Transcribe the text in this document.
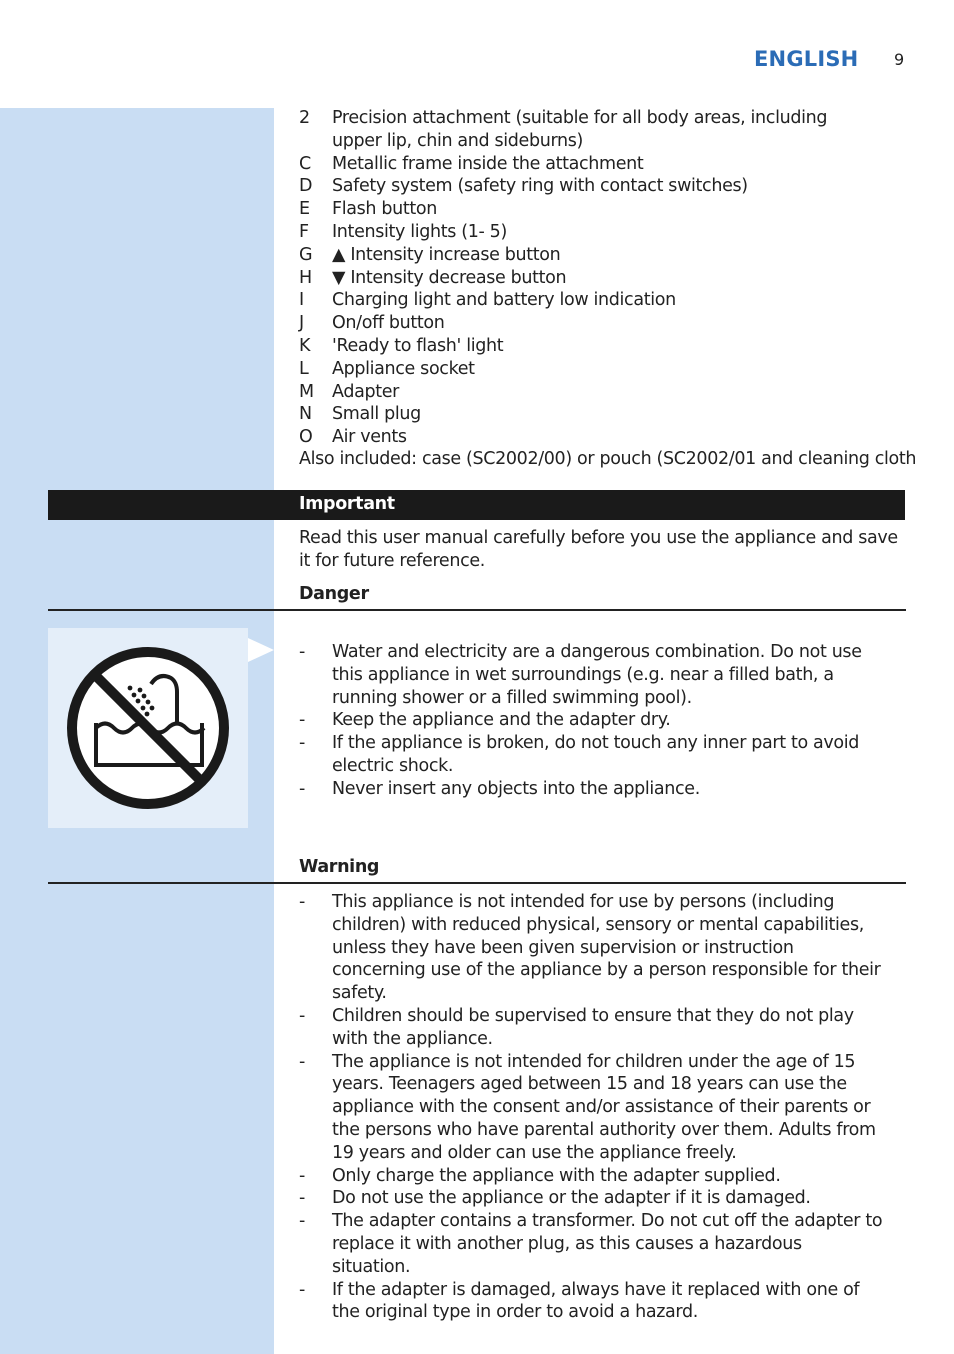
ENGLISH 9
2 Precision attachment (suitable for all body areas, including upper lip, chin and sideburns)
C Metallic frame inside the attachment
D Safety system (safety ring with contact switches)
E Flash button
F Intensity lights (1- 5)
G ▲ Intensity increase button
H ▼ Intensity decrease button
I Charging light and battery low indication
J On/off button
K 'Ready to flash' light
L Appliance socket
M Adapter
N Small plug
O Air vents
Also included: case (SC2002/00) or pouch (SC2002/01 and cleaning cloth
Important
Read this user manual carefully before you use the appliance and save it for future reference.
Danger
- Water and electricity are a dangerous combination. Do not use this appliance in wet surroundings (e.g. near a filled bath, a running shower or a filled swimming pool).
- Keep the appliance and the adapter dry.
- If the appliance is broken, do not touch any inner part to avoid electric shock.
- Never insert any objects into the appliance.
Warning
- This appliance is not intended for use by persons (including children) with reduced physical, sensory or mental capabilities, unless they have been given supervision or instruction concerning use of the appliance by a person responsible for their safety.
- Children should be supervised to ensure that they do not play with the appliance.
- The appliance is not intended for children under the age of 15 years. Teenagers aged between 15 and 18 years can use the appliance with the consent and/or assistance of their parents or the persons who have parental authority over them. Adults from 19 years and older can use the appliance freely.
- Only charge the appliance with the adapter supplied.
- Do not use the appliance or the adapter if it is damaged.
- The adapter contains a transformer. Do not cut off the adapter to replace it with another plug, as this causes a hazardous situation.
- If the adapter is damaged, always have it replaced with one of the original type in order to avoid a hazard.
